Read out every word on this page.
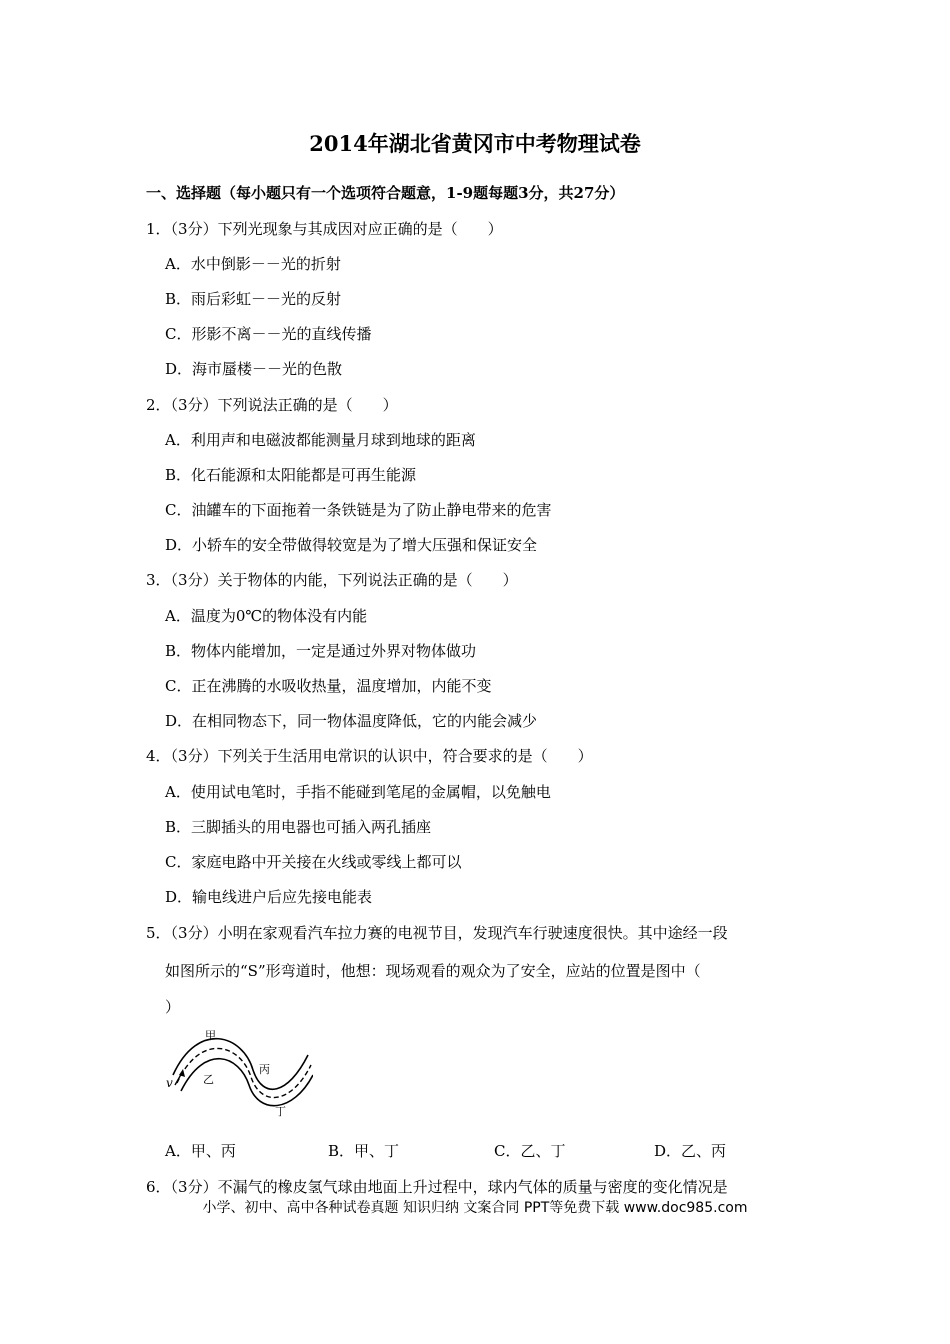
2014年湖北省黄冈市中考物理试卷
一、选择题（每小题只有一个选项符合题意，1-9题每题3分，共27分）
1．（3分）下列光现象与其成因对应正确的是（　　）
A．水中倒影－－光的折射
B．雨后彩虹－－光的反射
C．形影不离－－光的直线传播
D．海市蜃楼－－光的色散
2．（3分）下列说法正确的是（　　）
A．利用声和电磁波都能测量月球到地球的距离
B．化石能源和太阳能都是可再生能源
C．油罐车的下面拖着一条铁链是为了防止静电带来的危害
D．小轿车的安全带做得较宽是为了增大压强和保证安全
3．（3分）关于物体的内能，下列说法正确的是（　　）
A．温度为0℃的物体没有内能
B．物体内能增加，一定是通过外界对物体做功
C．正在沸腾的水吸收热量，温度增加，内能不变
D．在相同物态下，同一物体温度降低，它的内能会减少
4．（3分）下列关于生活用电常识的认识中，符合要求的是（　　）
A．使用试电笔时，手指不能碰到笔尾的金属帽，以免触电
B．三脚插头的用电器也可插入两孔插座
C．家庭电路中开关接在火线或零线上都可以
D．输电线进户后应先接电能表
5．（3分）小明在家观看汽车拉力赛的电视节目，发现汽车行驶速度很快。其中途经一段
如图所示的“S”形弯道时，他想：现场观看的观众为了安全，应站的位置是图中（
）
v
甲
乙
丙
丁
A．甲、丙	B．甲、丁	C．乙、丁	D．乙、丙
6．（3分）不漏气的橡皮氢气球由地面上升过程中，球内气体的质量与密度的变化情况是
小学、初中、高中各种试卷真题 知识归纳 文案合同 PPT等免费下载 www.doc985.com
